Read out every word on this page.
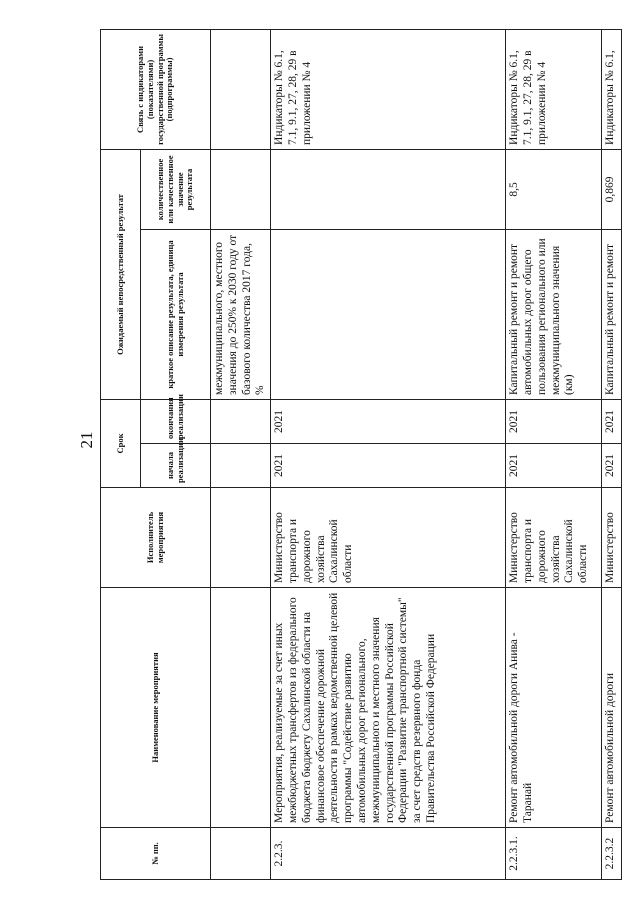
21
№ пп.	Наименование мероприятия	Исполнитель мероприятия	Срок		Ожидаемый непосредственный результат		Связь с индикаторами (показателями) государственной программы (подпрограммы)
			начала реализации	окончания реализации	краткое описание результата, единица измерения результата	количественное или качественное значение результата	
					межмуниципального, местного значения до 250% к 2030 году от базового количества 2017 года, %		
2.2.3.	Мероприятия, реализуемые за счет иных межбюджетных трансфертов из федерального бюджета бюджету Сахалинской области на финансовое обеспечение дорожной деятельности в рамках ведомственной целевой программы "Содействие развитию автомобильных дорог регионального, межмуниципального и местного значения государственной программы Российской Федерации "Развитие транспортной системы" за счет средств резервного фонда Правительства Российской Федерации	Министерство транспорта и дорожного хозяйства Сахалинской области	2021	2021			Индикаторы № 6.1, 7.1, 9.1, 27, 28, 29 в приложении № 4
2.2.3.1.	Ремонт автомобильной дороги Анива - Таранай	Министерство транспорта и дорожного хозяйства Сахалинской области	2021	2021	Капитальный ремонт и ремонт автомобильных дорог общего пользования регионального или межмуниципального значения (км)	8,5	Индикаторы № 6.1, 7.1, 9.1, 27, 28, 29 в приложении № 4
2.2.3.2	Ремонт автомобильной дороги	Министерство	2021	2021	Капитальный ремонт и ремонт	0,869	Индикаторы № 6.1,
